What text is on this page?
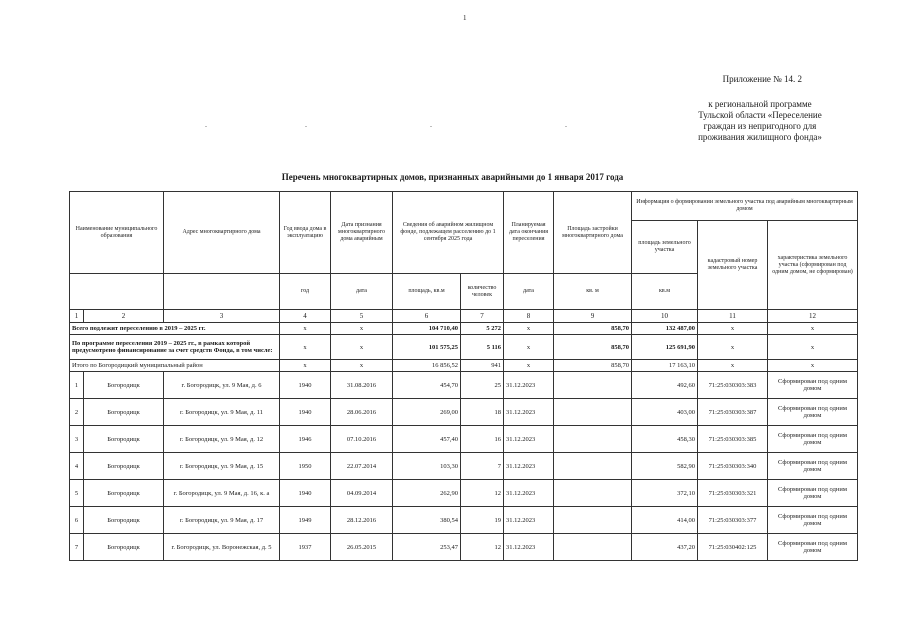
1
Приложение № 14. 2
к региональной программе Тульской области «Переселение граждан из непригодного для проживания жилищного фонда»
.	.	.	.
Перечень многоквартирных домов, признанных аварийными до 1 января 2017 года
Наименование муниципального образования		Адрес многоквартирного дома	Год ввода дома в эксплуатацию	Дата признания многоквартирного дома аварийным	Сведения об аварийном жилищном фонде, подлежащем расселению до 1 сентября 2025 года		Планируемая дата окончания переселения	Площадь застройки многоквартирного дома	Информация о формировании земельного участка под аварийным многоквартирным домом		
									площадь земельного участка	кадастровый номер земельного участка	характеристика земельного участка (сформирован под одним домом, не сформирован)
			год	дата	площадь, кв.м	количество человек	дата	кв. м	кв.м		
1	2	3	4	5	6	7	8	9	10	11	12
Всего подлежит переселению в 2019 – 2025 гг.			x	x	104 710,40	5 272	x	858,70	132 487,00	x	x
По программе переселения 2019 – 2025 гг., в рамках которой предусмотрено финансирование за счет средств Фонда, в том числе:			x	x	101 575,25	5 116	x	858,70	125 691,90	x	x
Итого по Богородицкий муниципальный район			x	x	16 856,52	941	x	858,70	17 163,10	x	x
1	Богородицк	г. Богородицк, ул. 9 Мая, д. 6	1940	31.08.2016	454,70	25	31.12.2023		492,60	71:25:030303:383	Сформирован под одним домом
2	Богородицк	г. Богородицк, ул. 9 Мая, д. 11	1940	28.06.2016	269,00	18	31.12.2023		403,00	71:25:030303:387	Сформирован под одним домом
3	Богородицк	г. Богородицк, ул. 9 Мая, д. 12	1946	07.10.2016	457,40	16	31.12.2023		458,30	71:25:030303:385	Сформирован под одним домом
4	Богородицк	г. Богородицк, ул. 9 Мая, д. 15	1950	22.07.2014	103,30	7	31.12.2023		582,90	71:25:030303:340	Сформирован под одним домом
5	Богородицк	г. Богородицк, ул. 9 Мая, д. 16, к. а	1940	04.09.2014	262,90	12	31.12.2023		372,10	71:25:030303:321	Сформирован под одним домом
6	Богородицк	г. Богородицк, ул. 9 Мая, д. 17	1949	28.12.2016	380,54	19	31.12.2023		414,00	71:25:030303:377	Сформирован под одним домом
7	Богородицк	г. Богородицк, ул. Воронежская, д. 5	1937	26.05.2015	253,47	12	31.12.2023		437,20	71:25:030402:125	Сформирован под одним домом
